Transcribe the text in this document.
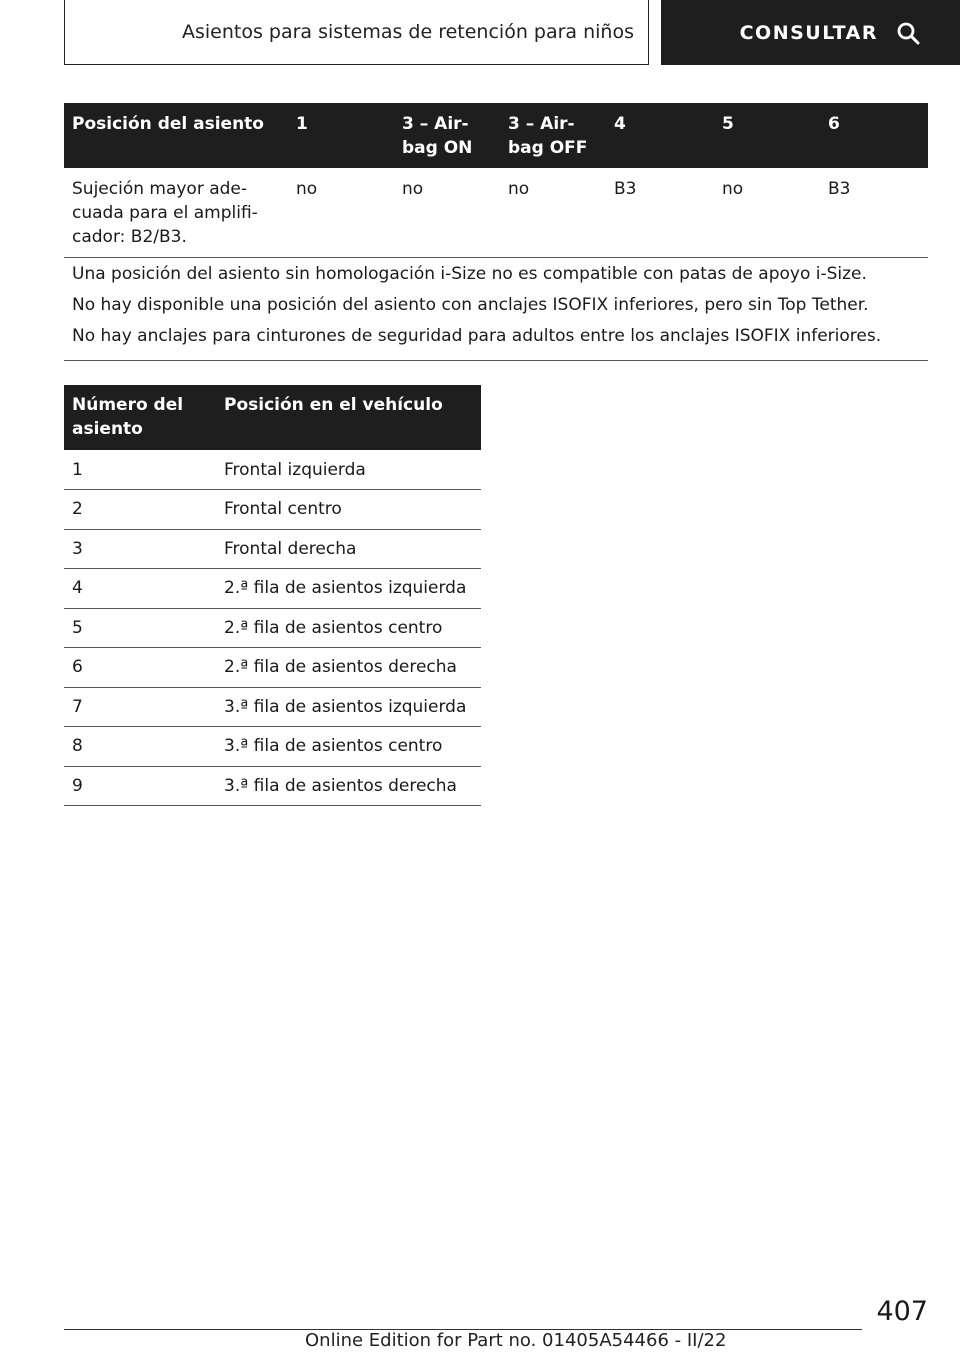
Asientos para sistemas de retención para niños	CONSULTAR
Posición del asiento	1	3 – Air-bag ON	3 – Air-bag OFF	4	5	6
Sujeción mayor ade-cuada para el amplifi-cador: B2/B3.	no	no	no	B3	no	B3

Una posición del asiento sin homologación i-Size no es compatible con patas de apoyo i-Size.
No hay disponible una posición del asiento con anclajes ISOFIX inferiores, pero sin Top Tether.
No hay anclajes para cinturones de seguridad para adultos entre los anclajes ISOFIX inferiores.						
Número del asiento	Posición en el vehículo
1	Frontal izquierda
2	Frontal centro
3	Frontal derecha
4	2.ª fila de asientos izquierda
5	2.ª fila de asientos centro
6	2.ª fila de asientos derecha
7	3.ª fila de asientos izquierda
8	3.ª fila de asientos centro
9	3.ª fila de asientos derecha
407
Online Edition for Part no. 01405A54466 - II/22
